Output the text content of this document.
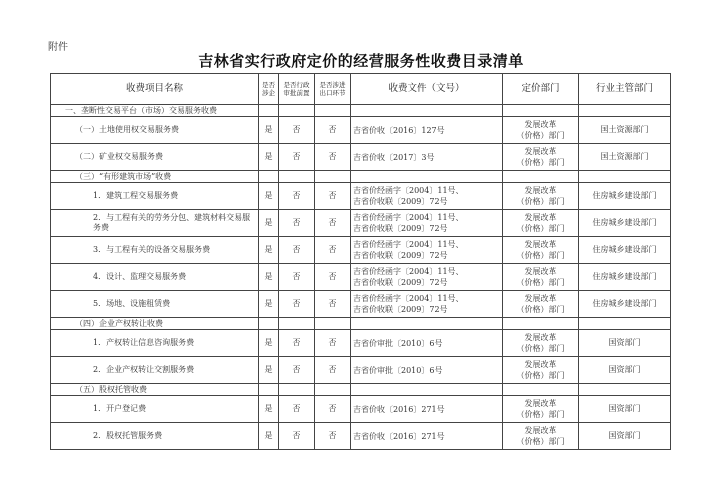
附件
吉林省实行政府定价的经营服务性收费目录清单
收费项目名称	是否涉企	是否行政审批前置	是否涉进出口环节	收费文件（文号）	定价部门	行业主管部门
一、垄断性交易平台（市场）交易服务收费						
（一）土地使用权交易服务费	是	否	否	吉省价收〔2016〕127号	发展改革
（价格）部门	国土资源部门
（二）矿业权交易服务费	是	否	否	吉省价收〔2017〕3号	发展改革
（价格）部门	国土资源部门
（三）“有形建筑市场”收费						
1．建筑工程交易服务费	是	否	否	吉省价经函字〔2004〕11号、
吉省价收联〔2009〕72号	发展改革
（价格）部门	住房城乡建设部门
2．与工程有关的劳务分包、建筑材料交易服务费	是	否	否	吉省价经函字〔2004〕11号、
吉省价收联〔2009〕72号	发展改革
（价格）部门	住房城乡建设部门
3．与工程有关的设备交易服务费	是	否	否	吉省价经函字〔2004〕11号、
吉省价收联〔2009〕72号	发展改革
（价格）部门	住房城乡建设部门
4．设计、监理交易服务费	是	否	否	吉省价经函字〔2004〕11号、
吉省价收联〔2009〕72号	发展改革
（价格）部门	住房城乡建设部门
5．场地、设施租赁费	是	否	否	吉省价经函字〔2004〕11号、
吉省价收联〔2009〕72号	发展改革
（价格）部门	住房城乡建设部门
（四）企业产权转让收费						
1．产权转让信息咨询服务费	是	否	否	吉省价审批〔2010〕6号	发展改革
（价格）部门	国资部门
2．企业产权转让交割服务费	是	否	否	吉省价审批〔2010〕6号	发展改革
（价格）部门	国资部门
（五）股权托管收费						
1．开户登记费	是	否	否	吉省价收〔2016〕271号	发展改革
（价格）部门	国资部门
2．股权托管服务费	是	否	否	吉省价收〔2016〕271号	发展改革
（价格）部门	国资部门
